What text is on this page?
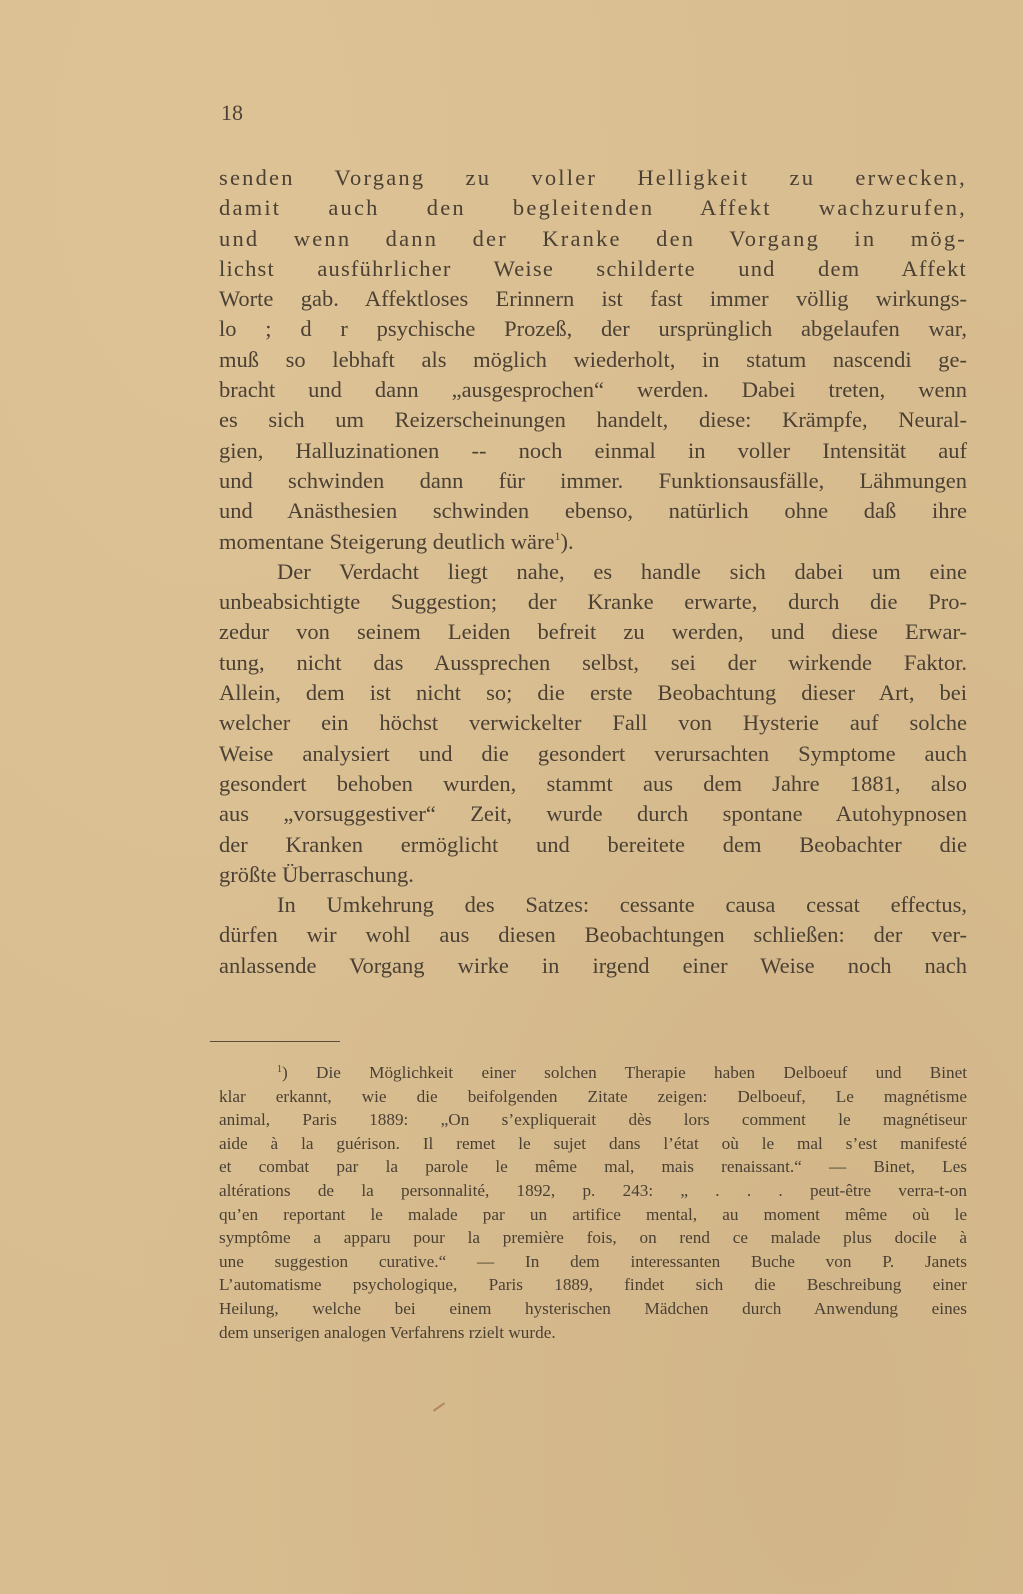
18
senden Vorgang zu voller Helligkeit zu erwecken,
damit auch den begleitenden Affekt wachzurufen,
und wenn dann der Kranke den Vorgang in mög-
lichst ausführlicher Weise schilderte und dem Affekt
Worte gab. Affektloses Erinnern ist fast immer völlig wirkungs-
lo ; d r psychische Prozeß, der ursprünglich abgelaufen war,
muß so lebhaft als möglich wiederholt, in statum nascendi ge-
bracht und dann „ausgesprochen“ werden. Dabei treten, wenn
es sich um Reizerscheinungen handelt, diese: Krämpfe, Neural-
gien, Halluzinationen -- noch einmal in voller Intensität auf
und schwinden dann für immer. Funktionsausfälle, Lähmungen
und Anästhesien schwinden ebenso, natürlich ohne daß ihre
momentane Steigerung deutlich wäre$^1$).
Der Verdacht liegt nahe, es handle sich dabei um eine
unbeabsichtigte Suggestion; der Kranke erwarte, durch die Pro-
zedur von seinem Leiden befreit zu werden, und diese Erwar-
tung, nicht das Aussprechen selbst, sei der wirkende Faktor.
Allein, dem ist nicht so; die erste Beobachtung dieser Art, bei
welcher ein höchst verwickelter Fall von Hysterie auf solche
Weise analysiert und die gesondert verursachten Symptome auch
gesondert behoben wurden, stammt aus dem Jahre 1881, also
aus „vorsuggestiver“ Zeit, wurde durch spontane Autohypnosen
der Kranken ermöglicht und bereitete dem Beobachter die
größte Überraschung.
In Umkehrung des Satzes: cessante causa cessat effectus,
dürfen wir wohl aus diesen Beobachtungen schließen: der ver-
anlassende Vorgang wirke in irgend einer Weise noch nach
$^1$) Die Möglichkeit einer solchen Therapie haben Delboeuf und Binet
klar erkannt, wie die beifolgenden Zitate zeigen: Delboeuf, Le magnétisme
animal, Paris 1889: „On s’expliquerait dès lors comment le magnétiseur
aide à la guérison. Il remet le sujet dans l’état où le mal s’est manifesté
et combat par la parole le même mal, mais renaissant.“ — Binet, Les
altérations de la personnalité, 1892, p. 243: „ . . . peut-être verra-t-on
qu’en reportant le malade par un artifice mental, au moment même où le
symptôme a apparu pour la première fois, on rend ce malade plus docile à
une suggestion curative.“ — In dem interessanten Buche von P. Janets
L’automatisme psychologique, Paris 1889, findet sich die Beschreibung einer
Heilung, welche bei einem hysterischen Mädchen durch Anwendung eines
dem unserigen analogen Verfahrens rzielt wurde.
